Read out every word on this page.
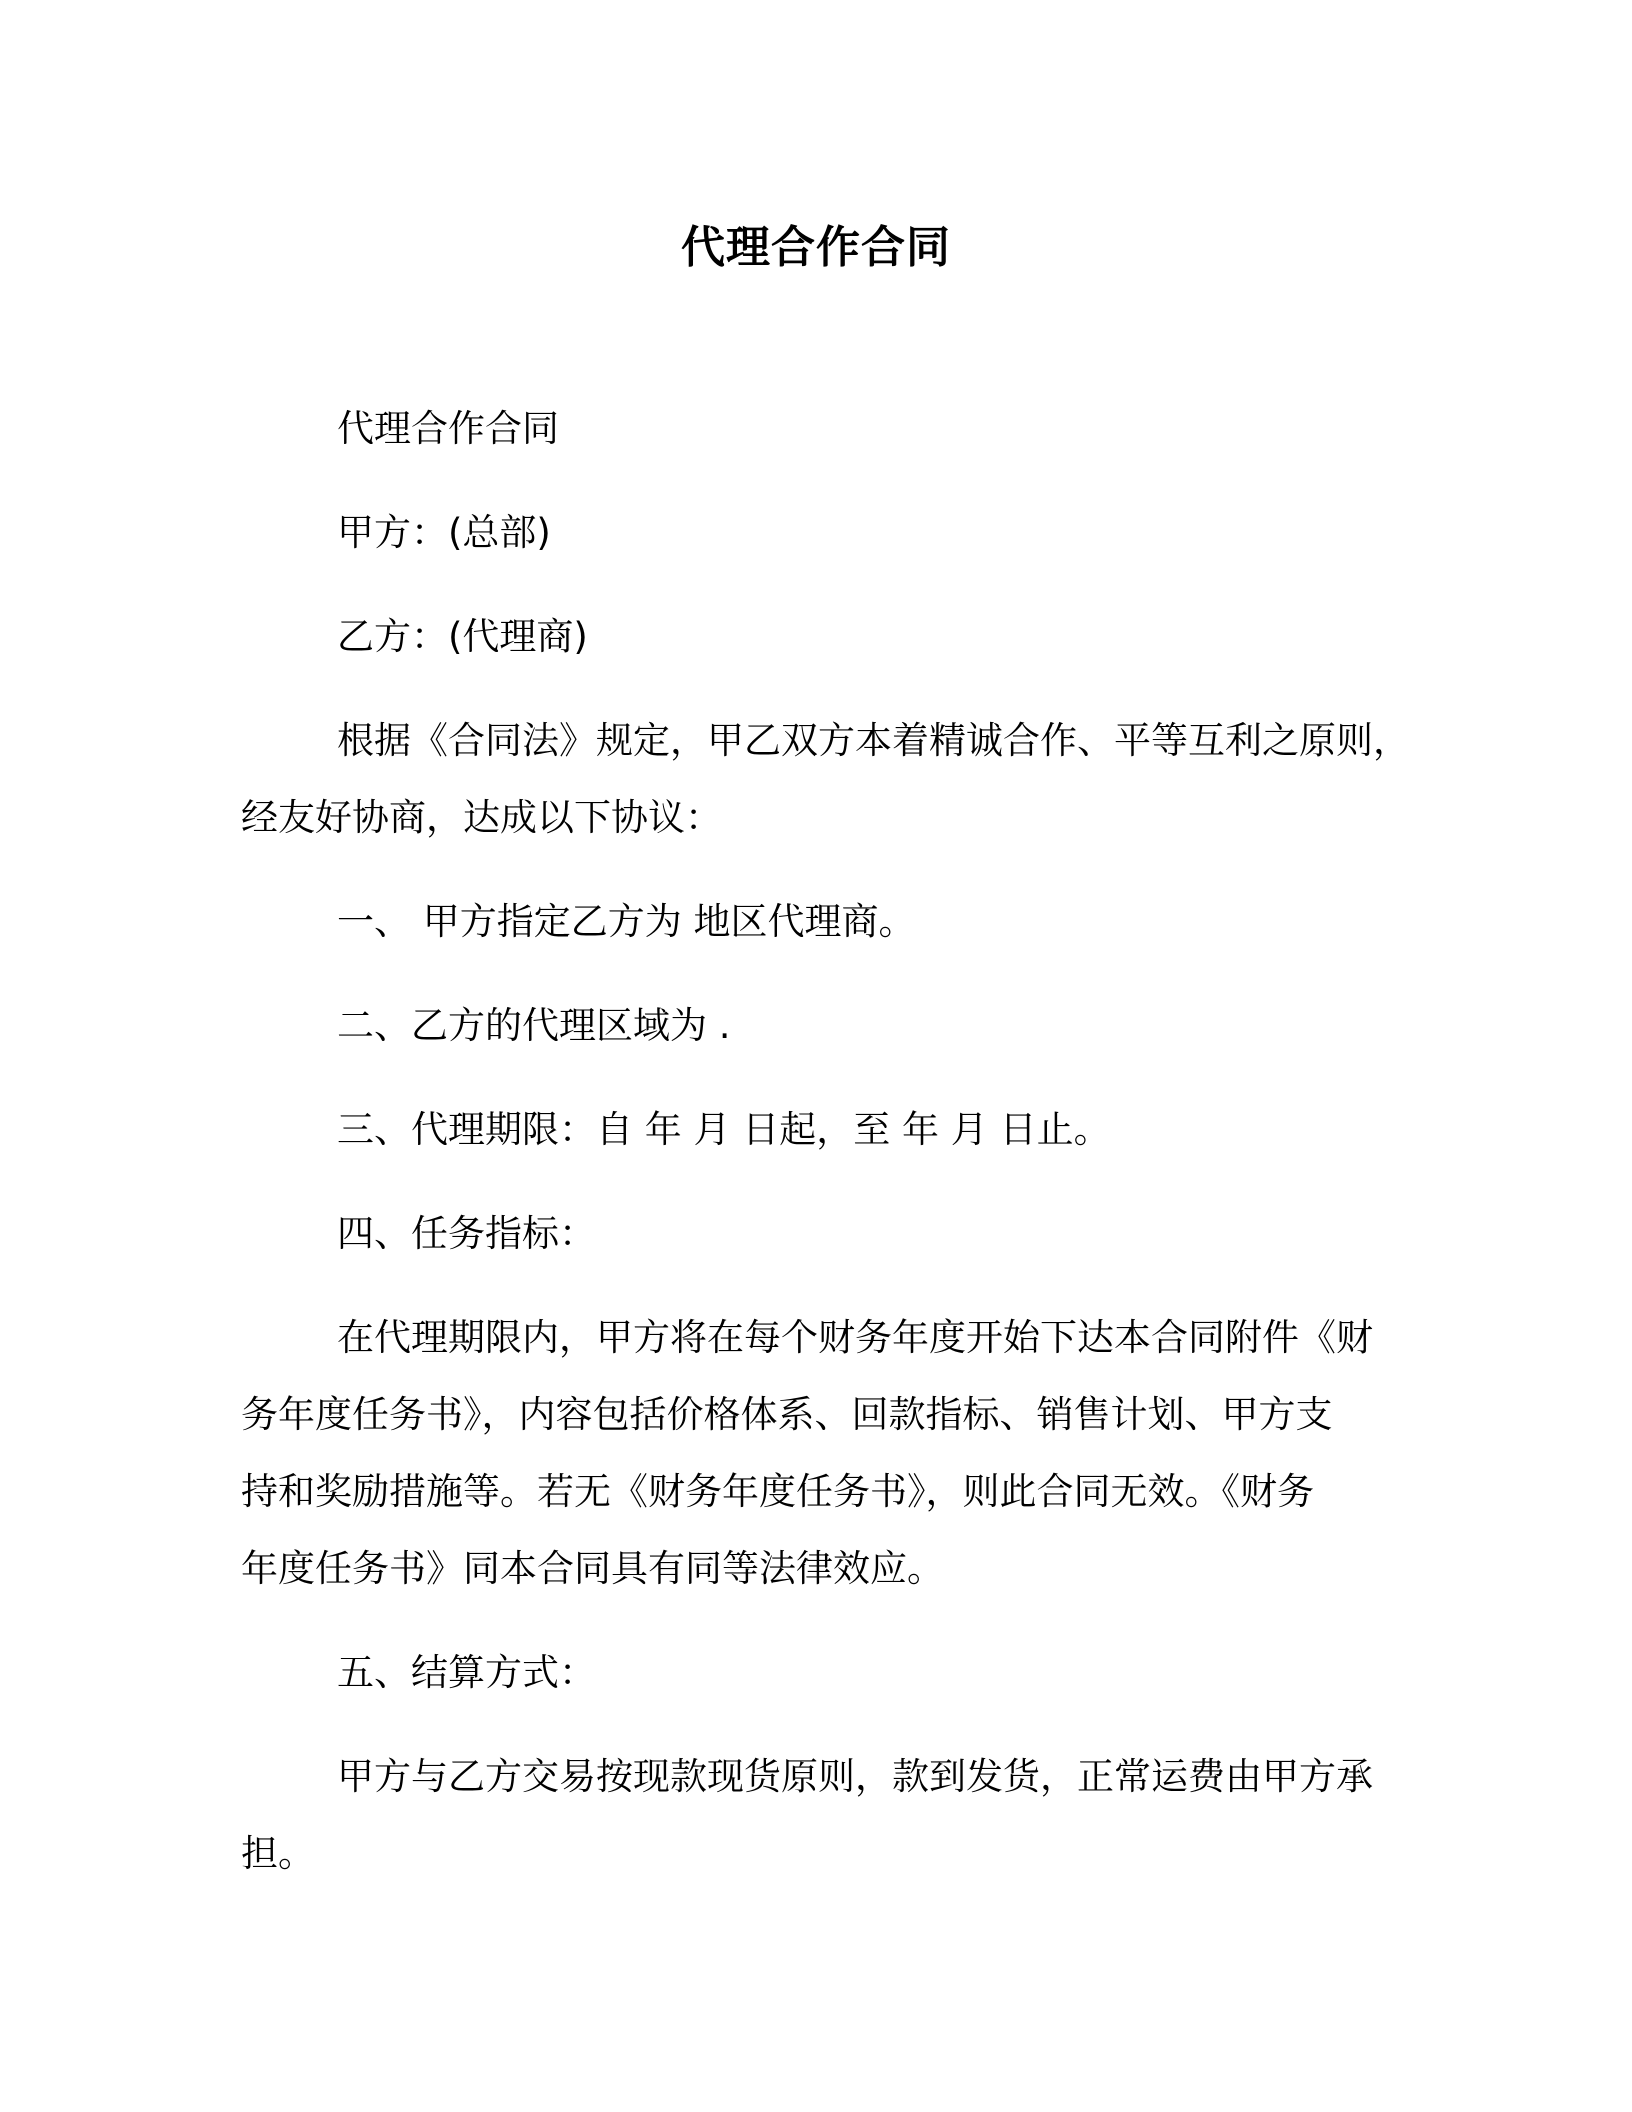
代理合作合同
代理合作合同
甲方：(总部)
乙方：(代理商)
根据《合同法》规定，甲乙双方本着精诚合作、平等互利之原则，
经友好协商，达成以下协议：
一、 甲方指定乙方为 地区代理商。
二、乙方的代理区域为 .
三、代理期限：自 年 月 日起，至 年 月 日止。
四、任务指标：
在代理期限内，甲方将在每个财务年度开始下达本合同附件《财
务年度任务书》，内容包括价格体系、回款指标、销售计划、甲方支
持和奖励措施等。若无《财务年度任务书》，则此合同无效。《财务
年度任务书》同本合同具有同等法律效应。
五、结算方式：
甲方与乙方交易按现款现货原则，款到发货，正常运费由甲方承
担。
